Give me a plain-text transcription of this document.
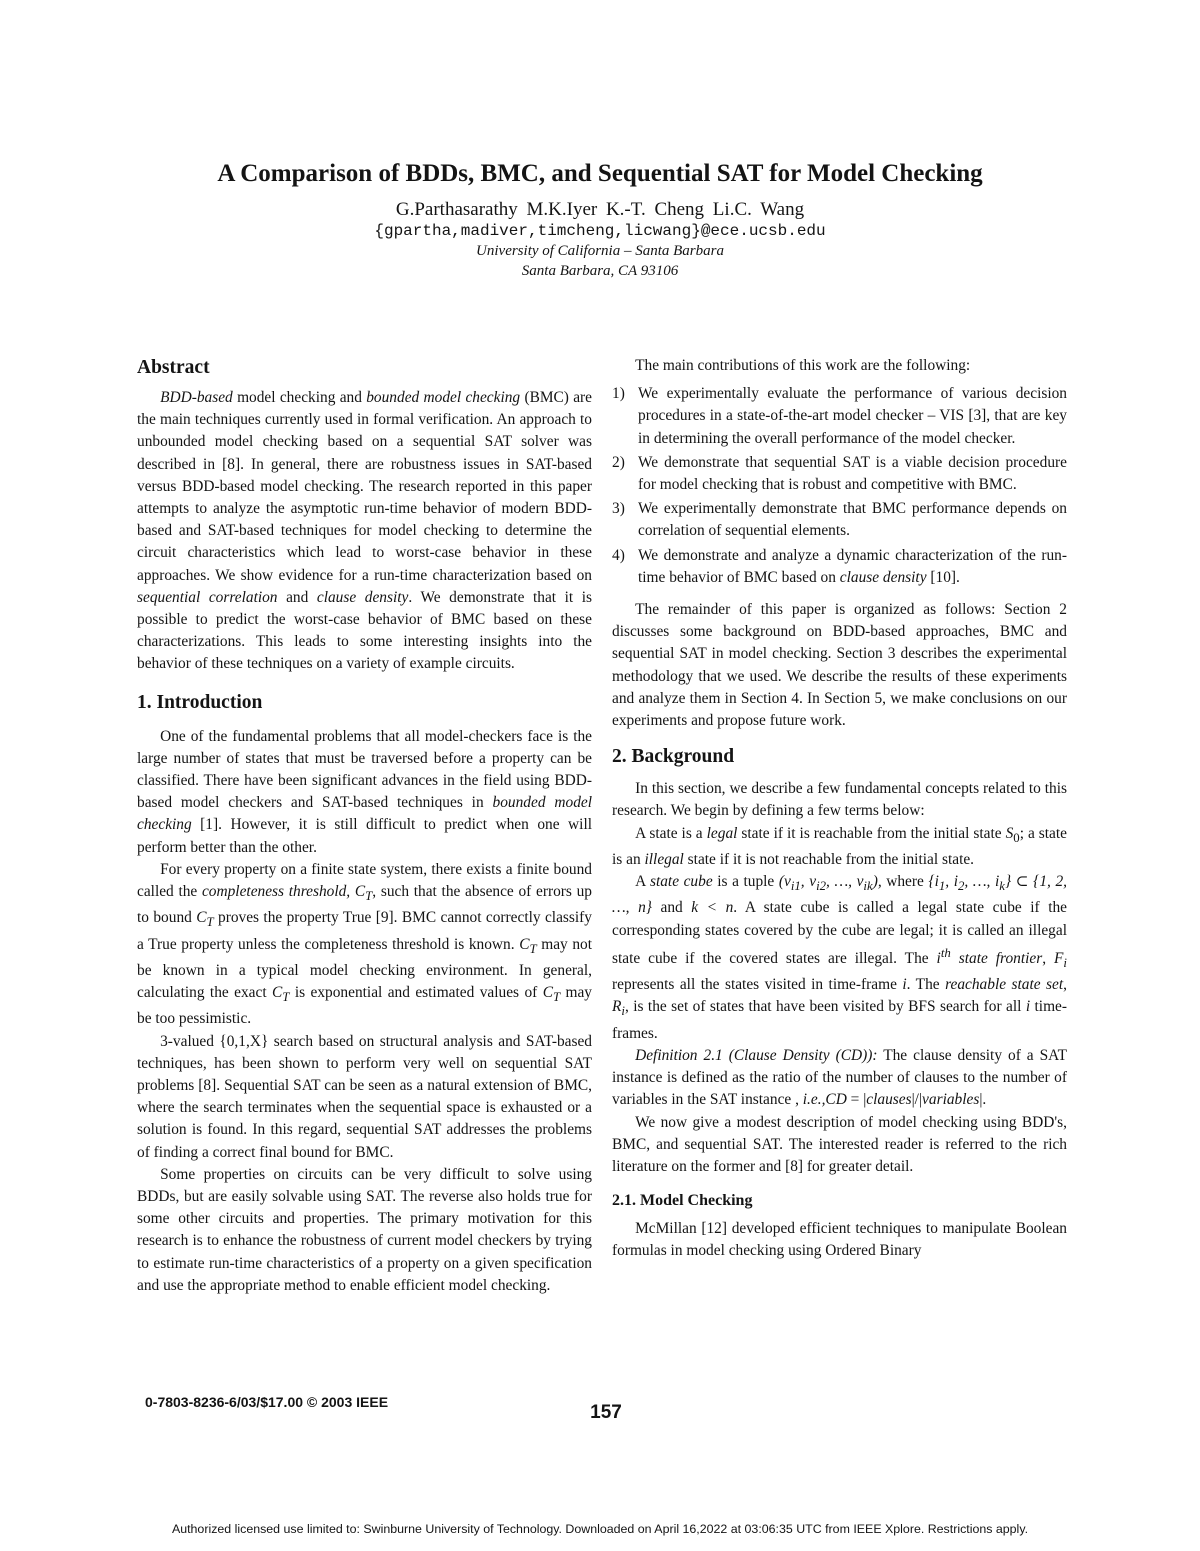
A Comparison of BDDs, BMC, and Sequential SAT for Model Checking
G.Parthasarathy M.K.Iyer K.-T. Cheng Li.C. Wang
{gpartha,madiver,timcheng,licwang}@ece.ucsb.edu
University of California – Santa Barbara
Santa Barbara, CA 93106

Abstract

BDD-based model checking and bounded model checking (BMC) are the main techniques currently used in formal verification. An approach to unbounded model checking based on a sequential SAT solver was described in [8]. In general, there are robustness issues in SAT-based versus BDD-based model checking. The research reported in this paper attempts to analyze the asymptotic run-time behavior of modern BDD-based and SAT-based techniques for model checking to determine the circuit characteristics which lead to worst-case behavior in these approaches. We show evidence for a run-time characterization based on sequential correlation and clause density. We demonstrate that it is possible to predict the worst-case behavior of BMC based on these characterizations. This leads to some interesting insights into the behavior of these techniques on a variety of example circuits.

1. Introduction

One of the fundamental problems that all model-checkers face is the large number of states that must be traversed before a property can be classified. There have been significant advances in the field using BDD-based model checkers and SAT-based techniques in bounded model checking [1]. However, it is still difficult to predict when one will perform better than the other.

For every property on a finite state system, there exists a finite bound called the completeness threshold, $C_T$, such that the absence of errors up to bound $C_T$ proves the property True [9]. BMC cannot correctly classify a True property unless the completeness threshold is known. $C_T$ may not be known in a typical model checking environment. In general, calculating the exact $C_T$ is exponential and estimated values of $C_T$ may be too pessimistic.

3-valued {0,1,X} search based on structural analysis and SAT-based techniques, has been shown to perform very well on sequential SAT problems [8]. Sequential SAT can be seen as a natural extension of BMC, where the search terminates when the sequential space is exhausted or a solution is found. In this regard, sequential SAT addresses the problems of finding a correct final bound for BMC.

Some properties on circuits can be very difficult to solve using BDDs, but are easily solvable using SAT. The reverse also holds true for some other circuits and properties. The primary motivation for this research is to enhance the robustness of current model checkers by trying to estimate run-time characteristics of a property on a given specification and use the appropriate method to enable efficient model checking.

The main contributions of this work are the following:

1) We experimentally evaluate the performance of various decision procedures in a state-of-the-art model checker – VIS [3], that are key in determining the overall performance of the model checker.
2) We demonstrate that sequential SAT is a viable decision procedure for model checking that is robust and competitive with BMC.
3) We experimentally demonstrate that BMC performance depends on correlation of sequential elements.
4) We demonstrate and analyze a dynamic characterization of the run-time behavior of BMC based on clause density [10].

The remainder of this paper is organized as follows: Section 2 discusses some background on BDD-based approaches, BMC and sequential SAT in model checking. Section 3 describes the experimental methodology that we used. We describe the results of these experiments and analyze them in Section 4. In Section 5, we make conclusions on our experiments and propose future work.

2. Background

In this section, we describe a few fundamental concepts related to this research. We begin by defining a few terms below:

A state is a legal state if it is reachable from the initial state $S_0$; a state is an illegal state if it is not reachable from the initial state.

A state cube is a tuple ($v_{i1}$, $v_{i2}$, …, $v_{ik}$), where {$i_1$, $i_2$, …, $i_k$} ⊂ {1, 2, …, n} and k < n. A state cube is called a legal state cube if the corresponding states covered by the cube are legal; it is called an illegal state cube if the covered states are illegal. The $i^{th}$ state frontier, $F_i$ represents all the states visited in time-frame i. The reachable state set, $R_i$, is the set of states that have been visited by BFS search for all i time-frames.

Definition 2.1 (Clause Density (CD)): The clause density of a SAT instance is defined as the ratio of the number of clauses to the number of variables in the SAT instance , i.e.,CD = |clauses|/|variables|.

We now give a modest description of model checking using BDD's, BMC, and sequential SAT. The interested reader is referred to the rich literature on the former and [8] for greater detail.

2.1. Model Checking

McMillan [12] developed efficient techniques to manipulate Boolean formulas in model checking using Ordered Binary

0-7803-8236-6/03/$17.00 © 2003 IEEE	157
Authorized licensed use limited to: Swinburne University of Technology. Downloaded on April 16,2022 at 03:06:35 UTC from IEEE Xplore. Restrictions apply.
